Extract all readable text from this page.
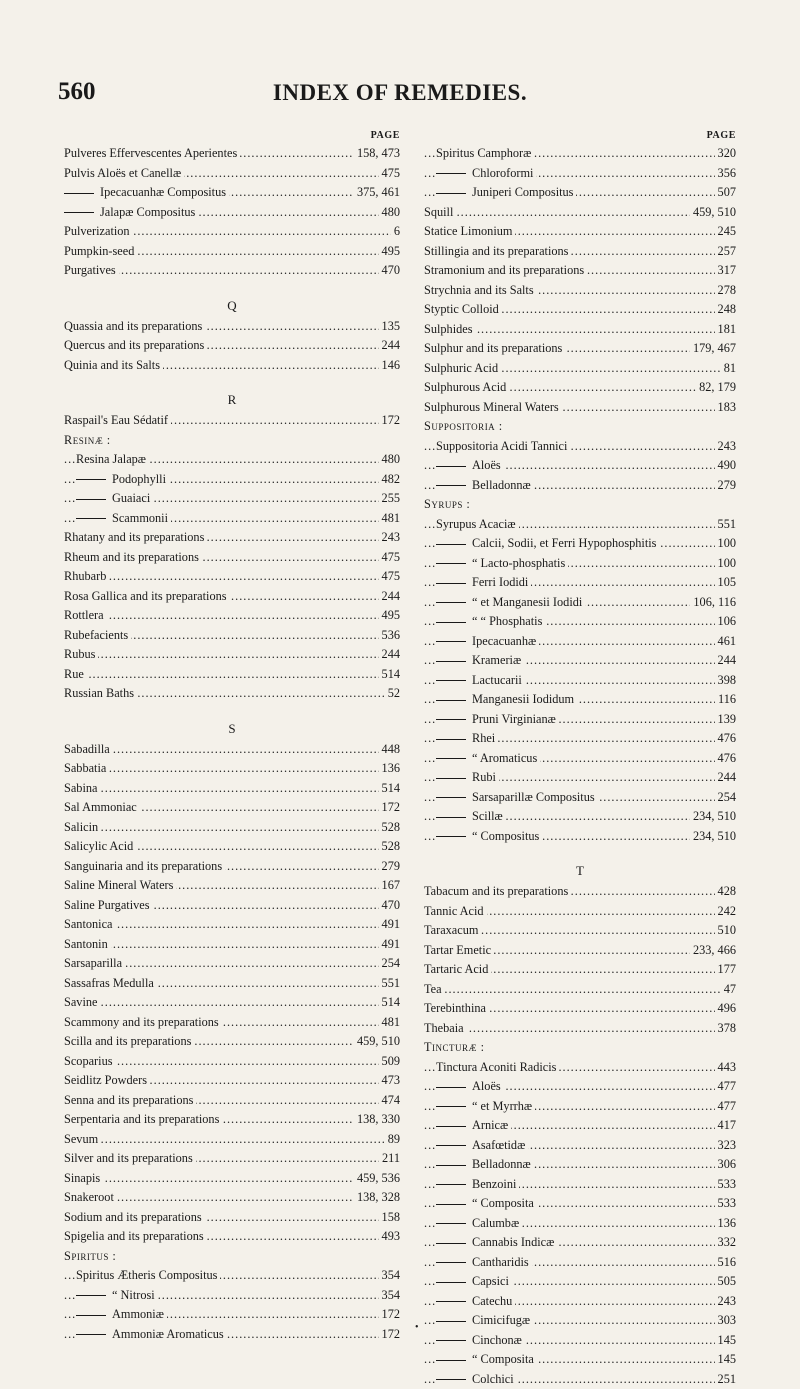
560	INDEX OF REMEDIES.
PAGE
158, 473
Pulveres Effervescentes Aperientes
.....
475
Pulvis Aloës et Canellæ
.....
375, 461
Ipecacuanhæ Compositus
.....
480
Jalapæ Compositus
.....
6
Pulverization
.....
495
Pumpkin-seed
.....
470
Purgatives
.....
Q
135
Quassia and its preparations
.....
244
Quercus and its preparations
.....
146
Quinia and its Salts
.....
R
172
Raspail's Eau Sédatif
.....
Resinæ :
480
Resina Jalapæ
.....
482
Podophylli
.....
255
Guaiaci
.....
481
Scammonii
.....
243
Rhatany and its preparations
.....
475
Rheum and its preparations
.....
475
Rhubarb
.....
244
Rosa Gallica and its preparations
.....
495
Rottlera
.....
536
Rubefacients
.....
244
Rubus
.....
514
Rue
.....
52
Russian Baths
.....
S
448
Sabadilla
.....
136
Sabbatia
.....
514
Sabina
.....
172
Sal Ammoniac
.....
528
Salicin
.....
528
Salicylic Acid
.....
279
Sanguinaria and its preparations
.....
167
Saline Mineral Waters
.....
470
Saline Purgatives
.....
491
Santonica
.....
491
Santonin
.....
254
Sarsaparilla
.....
551
Sassafras Medulla
.....
514
Savine
.....
481
Scammony and its preparations
.....
459, 510
Scilla and its preparations
.....
509
Scoparius
.....
473
Seidlitz Powders
.....
474
Senna and its preparations
.....
138, 330
Serpentaria and its preparations
.....
89
Sevum
.....
211
Silver and its preparations
.....
459, 536
Sinapis
.....
138, 328
Snakeroot
.....
158
Sodium and its preparations
.....
493
Spigelia and its preparations
.....
Spiritus :
354
Spiritus Ætheris Compositus
.....
354
“ Nitrosi
.....
172
Ammoniæ
.....
172
Ammoniæ Aromaticus
.....
PAGE
320
Spiritus Camphoræ
.....
356
Chloroformi
.....
507
Juniperi Compositus
.....
459, 510
Squill
.....
245
Statice Limonium
.....
257
Stillingia and its preparations
.....
317
Stramonium and its preparations
.....
278
Strychnia and its Salts
.....
248
Styptic Colloid
.....
181
Sulphides
.....
179, 467
Sulphur and its preparations
.....
81
Sulphuric Acid
.....
82, 179
Sulphurous Acid
.....
183
Sulphurous Mineral Waters
.....
Suppositoria :
243
Suppositoria Acidi Tannici
.....
490
Aloës
.....
279
Belladonnæ
.....
Syrups :
551
Syrupus Acaciæ
.....
100
Calcii, Sodii, et Ferri Hypophosphitis
.....
100
“ Lacto-phosphatis
.....
105
Ferri Iodidi
.....
106, 116
“ et Manganesii Iodidi
.....
106
“ “ Phosphatis
.....
461
Ipecacuanhæ
.....
244
Krameriæ
.....
398
Lactucarii
.....
116
Manganesii Iodidum
.....
139
Pruni Virginianæ
.....
476
Rhei
.....
476
“ Aromaticus
.....
244
Rubi
.....
254
Sarsaparillæ Compositus
.....
234, 510
Scillæ
.....
234, 510
“ Compositus
.....
T
428
Tabacum and its preparations
.....
242
Tannic Acid
.....
510
Taraxacum
.....
233, 466
Tartar Emetic
.....
177
Tartaric Acid
.....
47
Tea
.....
496
Terebinthina
.....
378
Thebaia
.....
Tincturæ :
443
Tinctura Aconiti Radicis
.....
477
Aloës
.....
477
“ et Myrrhæ
.....
417
Arnicæ
.....
323
Asafœtidæ
.....
306
Belladonnæ
.....
533
Benzoini
.....
533
“ Composita
.....
136
Calumbæ
.....
332
Cannabis Indicæ
.....
516
Cantharidis
.....
505
Capsici
.....
243
Catechu
.....
303
Cimicifugæ
.....
145
Cinchonæ
.....
145
“ Composita
.....
251
Colchici
.....
•
